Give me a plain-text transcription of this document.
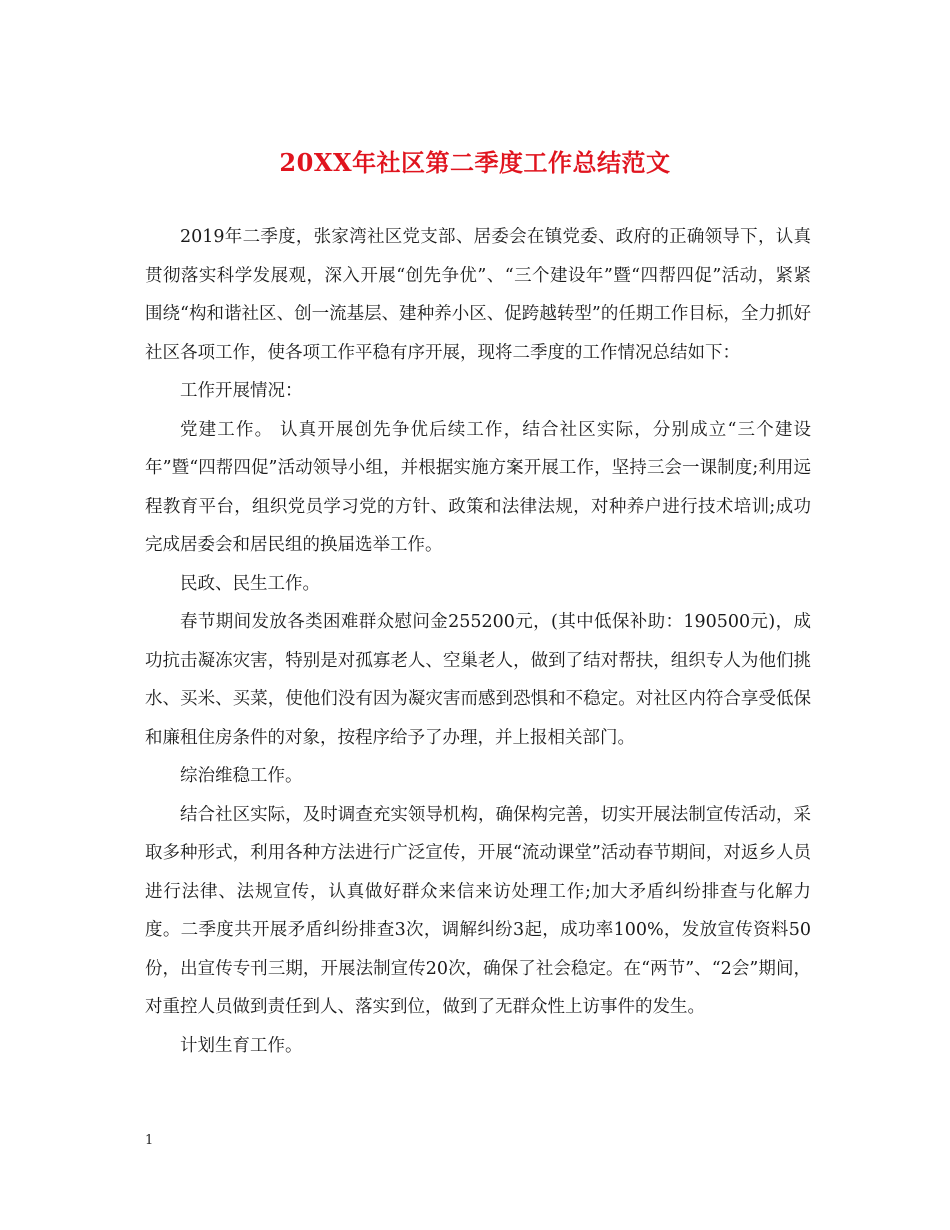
20XX年社区第二季度工作总结范文

2019年二季度，张家湾社区党支部、居委会在镇党委、政府的正确领导下，认真贯彻落实科学发展观，深入开展“创先争优”、“三个建设年”暨“四帮四促”活动，紧紧围绕“构和谐社区、创一流基层、建种养小区、促跨越转型”的任期工作目标，全力抓好社区各项工作，使各项工作平稳有序开展，现将二季度的工作情况总结如下：

工作开展情况：

党建工作。 认真开展创先争优后续工作，结合社区实际，分别成立“三个建设年”暨“四帮四促”活动领导小组，并根据实施方案开展工作，坚持三会一课制度;利用远程教育平台，组织党员学习党的方针、政策和法律法规，对种养户进行技术培训;成功完成居委会和居民组的换届选举工作。

民政、民生工作。

春节期间发放各类困难群众慰问金255200元，(其中低保补助：190500元)，成功抗击凝冻灾害，特别是对孤寡老人、空巢老人，做到了结对帮扶，组织专人为他们挑水、买米、买菜，使他们没有因为凝灾害而感到恐惧和不稳定。对社区内符合享受低保和廉租住房条件的对象，按程序给予了办理，并上报相关部门。

综治维稳工作。

结合社区实际，及时调查充实领导机构，确保构完善，切实开展法制宣传活动，采取多种形式，利用各种方法进行广泛宣传，开展“流动课堂”活动春节期间，对返乡人员进行法律、法规宣传，认真做好群众来信来访处理工作;加大矛盾纠纷排查与化解力度。二季度共开展矛盾纠纷排查3次，调解纠纷3起，成功率100%，发放宣传资料50份，出宣传专刊三期，开展法制宣传20次，确保了社会稳定。在“两节”、“2会”期间，对重控人员做到责任到人、落实到位，做到了无群众性上访事件的发生。

计划生育工作。

1
